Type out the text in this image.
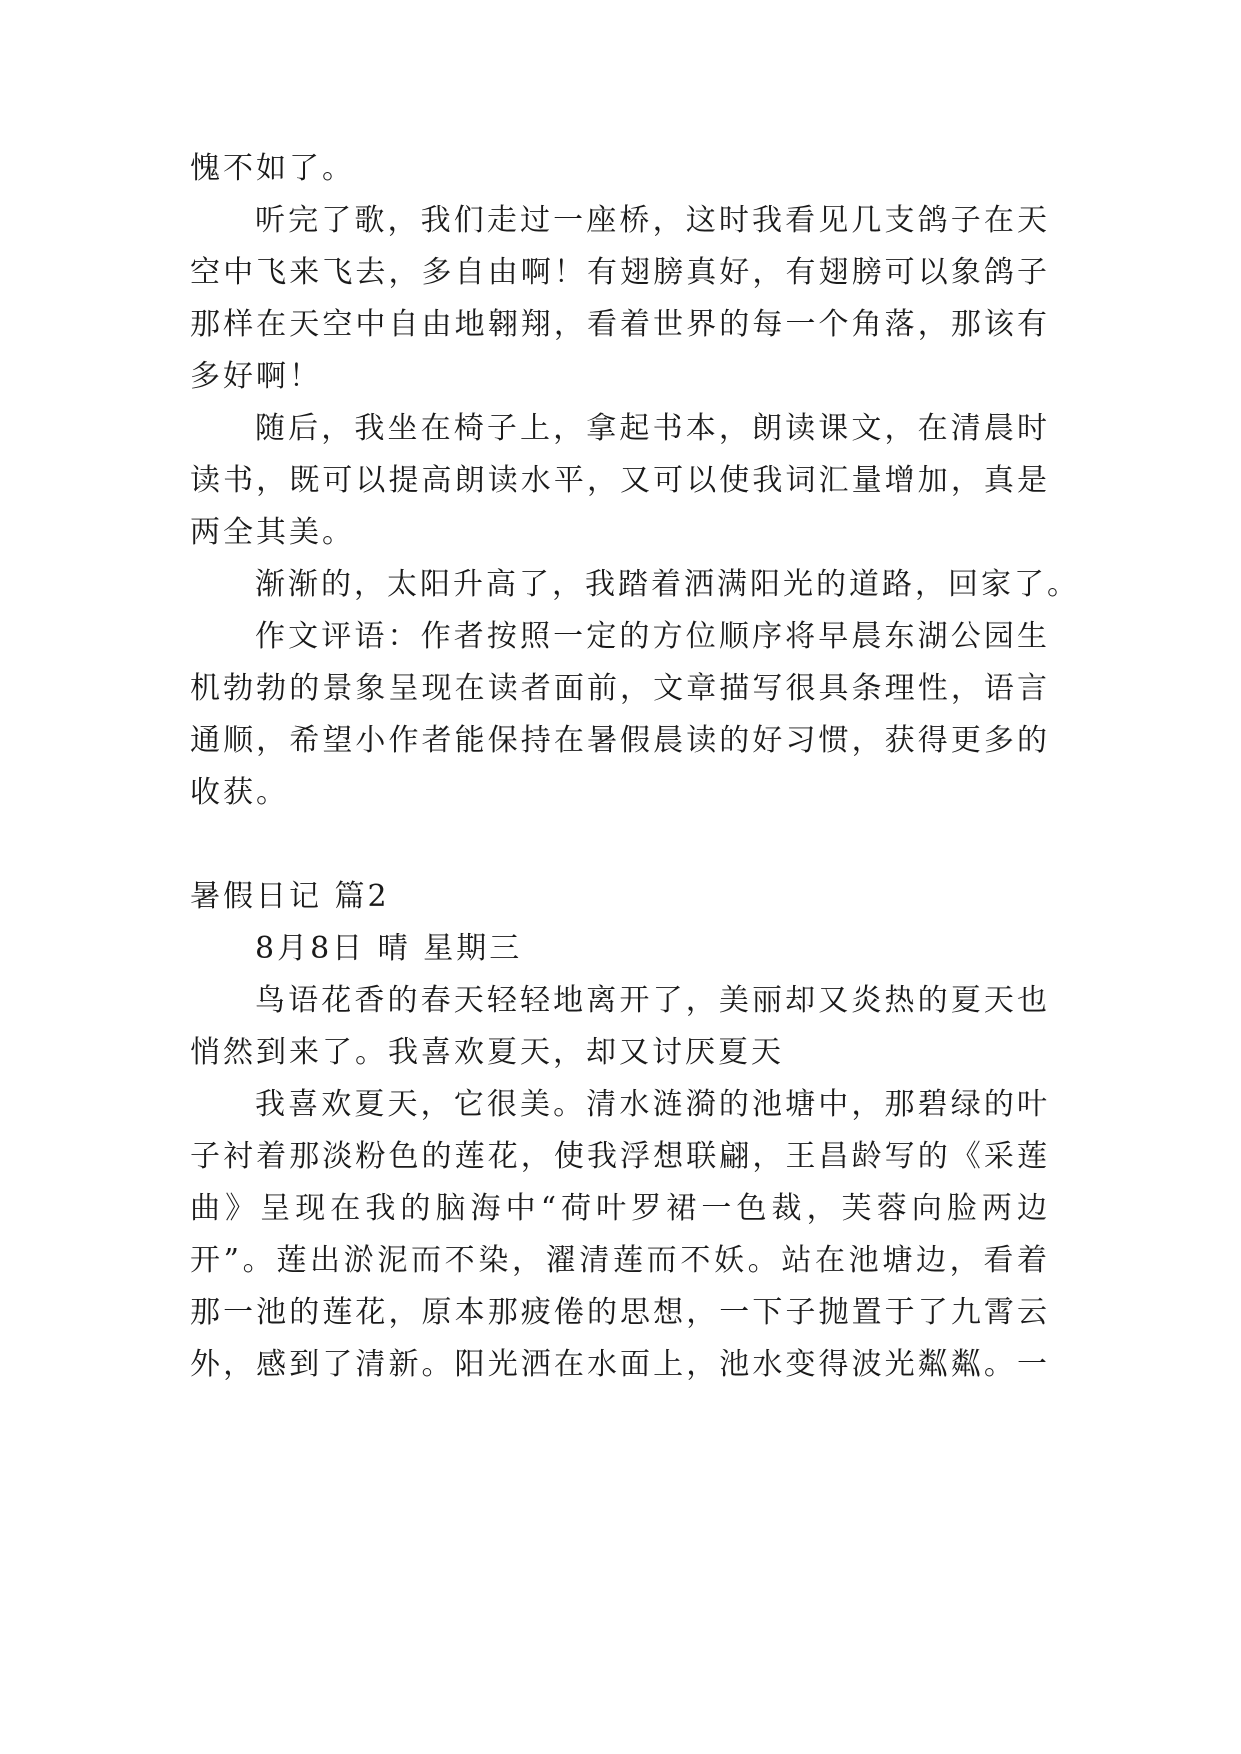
愧不如了。
听完了歌，我们走过一座桥，这时我看见几支鸽子在天
空中飞来飞去，多自由啊！有翅膀真好，有翅膀可以象鸽子
那样在天空中自由地翱翔，看着世界的每一个角落，那该有
多好啊！
随后，我坐在椅子上，拿起书本，朗读课文，在清晨时
读书，既可以提高朗读水平，又可以使我词汇量增加，真是
两全其美。
渐渐的，太阳升高了，我踏着洒满阳光的道路，回家了。
作文评语：作者按照一定的方位顺序将早晨东湖公园生
机勃勃的景象呈现在读者面前，文章描写很具条理性，语言
通顺，希望小作者能保持在暑假晨读的好习惯，获得更多的
收获。
暑假日记 篇2
8月8日 晴 星期三
鸟语花香的春天轻轻地离开了，美丽却又炎热的夏天也
悄然到来了。我喜欢夏天，却又讨厌夏天
我喜欢夏天，它很美。清水涟漪的池塘中，那碧绿的叶
子衬着那淡粉色的莲花，使我浮想联翩，王昌龄写的《采莲
曲》呈现在我的脑海中“荷叶罗裙一色裁，芙蓉向脸两边
开”。莲出淤泥而不染，濯清莲而不妖。站在池塘边，看着
那一池的莲花，原本那疲倦的思想，一下子抛置于了九霄云
外，感到了清新。阳光洒在水面上，池水变得波光粼粼。一
